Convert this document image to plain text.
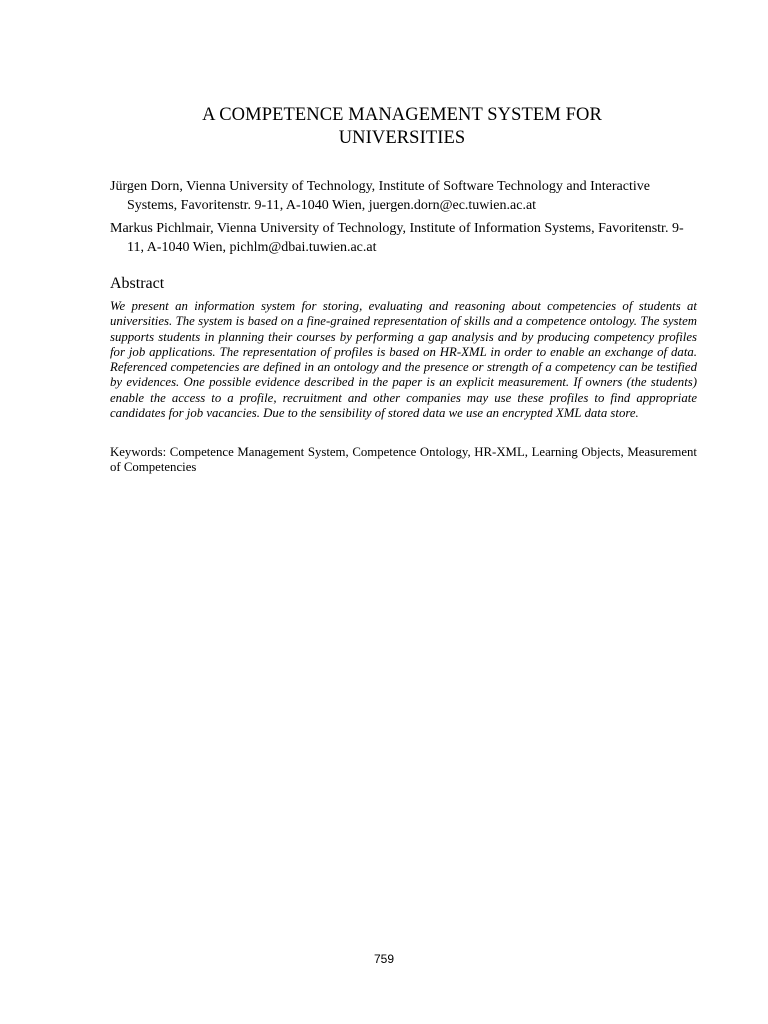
A COMPETENCE MANAGEMENT SYSTEM FOR
UNIVERSITIES
Jürgen Dorn, Vienna University of Technology, Institute of Software Technology and Interactive Systems, Favoritenstr. 9-11, A-1040 Wien, juergen.dorn@ec.tuwien.ac.at
Markus Pichlmair, Vienna University of Technology, Institute of Information Systems, Favoritenstr. 9-11, A-1040 Wien, pichlm@dbai.tuwien.ac.at
Abstract
We present an information system for storing, evaluating and reasoning about competencies of students at universities. The system is based on a fine-grained representation of skills and a competence ontology. The system supports students in planning their courses by performing a gap analysis and by producing competency profiles for job applications. The representation of profiles is based on HR-XML in order to enable an exchange of data. Referenced competencies are defined in an ontology and the presence or strength of a competency can be testified by evidences. One possible evidence described in the paper is an explicit measurement. If owners (the students) enable the access to a profile, recruitment and other companies may use these profiles to find appropriate candidates for job vacancies. Due to the sensibility of stored data we use an encrypted XML data store.
Keywords: Competence Management System, Competence Ontology, HR-XML, Learning Objects, Measurement of Competencies
759
